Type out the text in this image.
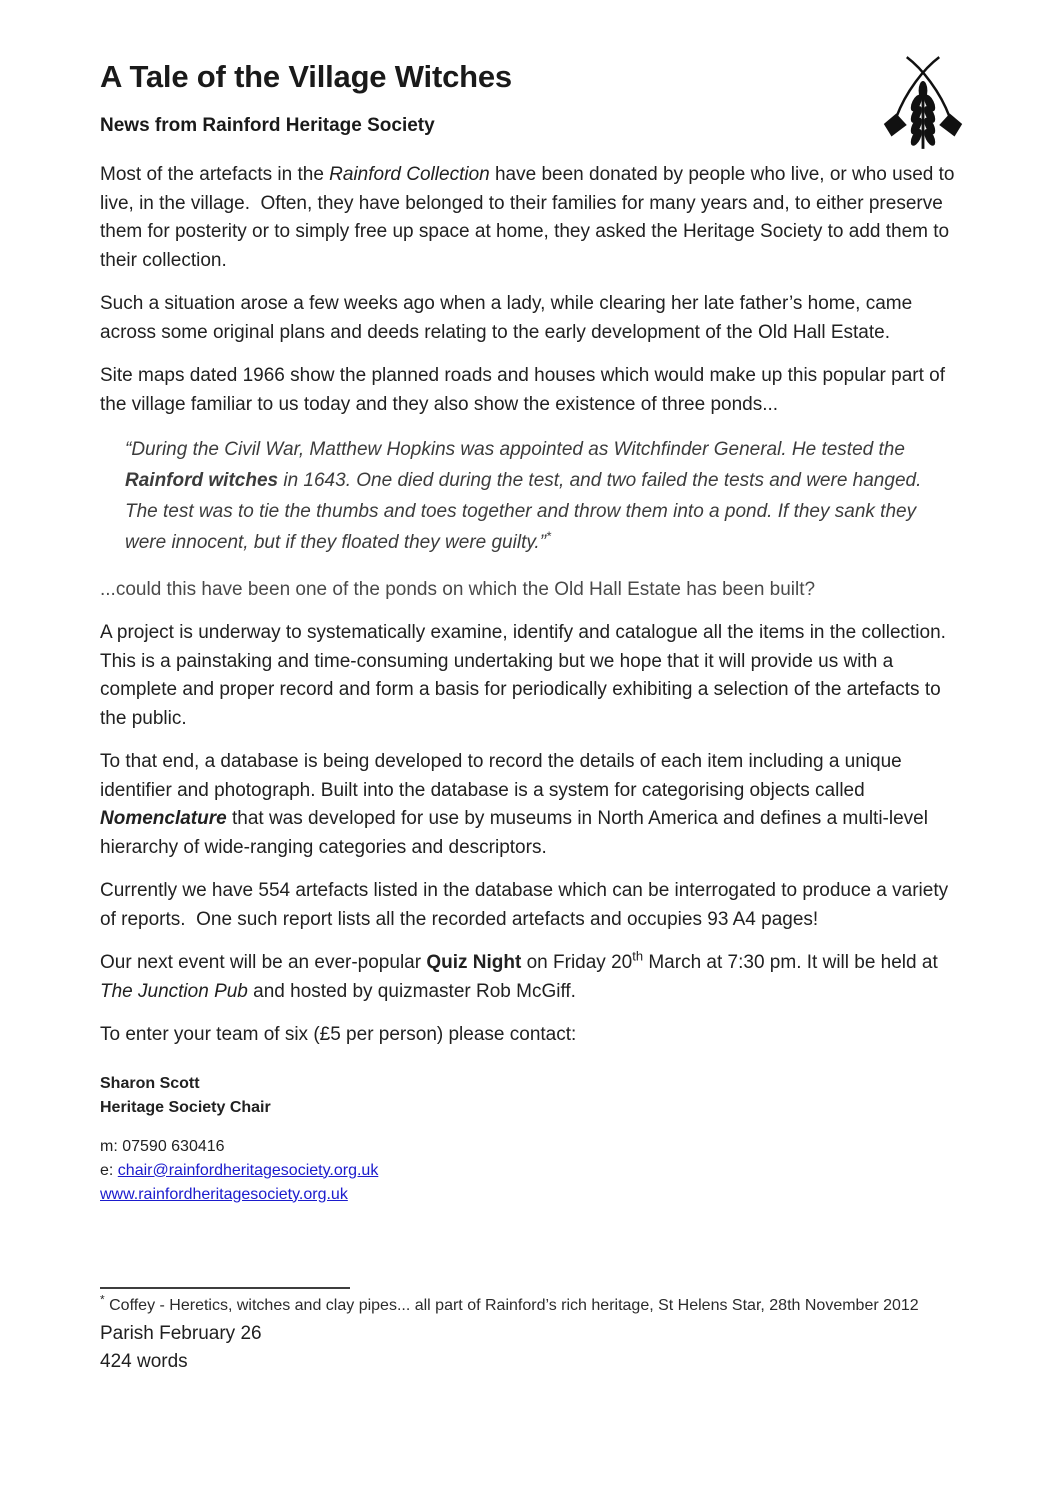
A Tale of the Village Witches
News from Rainford Heritage Society

Most of the artefacts in the Rainford Collection have been donated by people who live, or who used to live, in the village.  Often, they have belonged to their families for many years and, to either preserve them for posterity or to simply free up space at home, they asked the Heritage Society to add them to their collection.

Such a situation arose a few weeks ago when a lady, while clearing her late father’s home, came across some original plans and deeds relating to the early development of the Old Hall Estate.

Site maps dated 1966 show the planned roads and houses which would make up this popular part of the village familiar to us today and they also show the existence of three ponds...

“During the Civil War, Matthew Hopkins was appointed as Witchfinder General. He tested the Rainford witches in 1643. One died during the test, and two failed the tests and were hanged. The test was to tie the thumbs and toes together and throw them into a pond. If they sank they were innocent, but if they floated they were guilty.”*

...could this have been one of the ponds on which the Old Hall Estate has been built?

A project is underway to systematically examine, identify and catalogue all the items in the collection. This is a painstaking and time-consuming undertaking but we hope that it will provide us with a complete and proper record and form a basis for periodically exhibiting a selection of the artefacts to the public.

To that end, a database is being developed to record the details of each item including a unique identifier and photograph. Built into the database is a system for categorising objects called Nomenclature that was developed for use by museums in North America and defines a multi-level hierarchy of wide-ranging categories and descriptors.

Currently we have 554 artefacts listed in the database which can be interrogated to produce a variety of reports.  One such report lists all the recorded artefacts and occupies 93 A4 pages!

Our next event will be an ever-popular Quiz Night on Friday 20th March at 7:30 pm. It will be held at The Junction Pub and hosted by quizmaster Rob McGiff.

To enter your team of six (£5 per person) please contact:

Sharon Scott
Heritage Society Chair
m: 07590 630416
e: chair@rainfordheritagesociety.org.uk
www.rainfordheritagesociety.org.uk

* Coffey - Heretics, witches and clay pipes... all part of Rainford’s rich heritage, St Helens Star, 28th November 2012

Parish February 26

424 words
